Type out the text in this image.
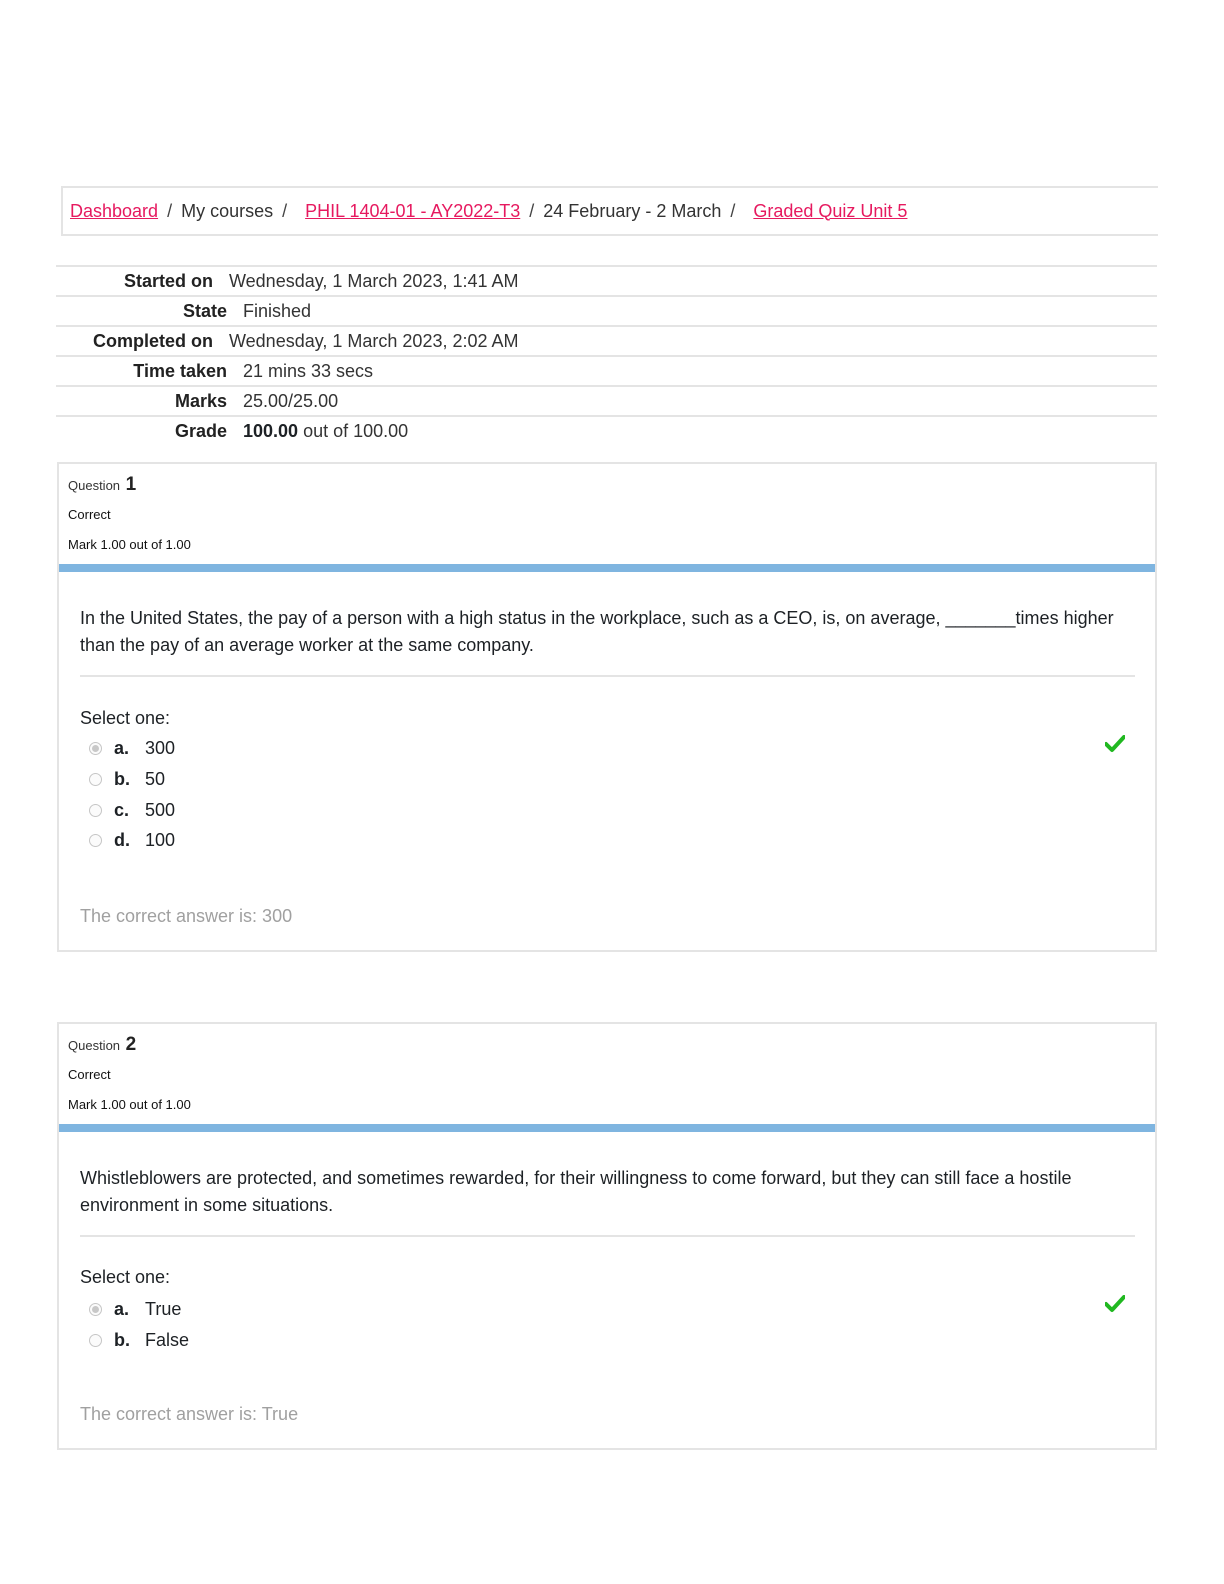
Dashboard / My courses / PHIL 1404-01 - AY2022-T3 / 24 February - 2 March / Graded Quiz Unit 5
Started on Wednesday, 1 March 2023, 1:41 AM
State Finished
Completed on Wednesday, 1 March 2023, 2:02 AM
Time taken 21 mins 33 secs
Marks 25.00/25.00
Grade 100.00 out of 100.00
Question 1
Correct
Mark 1.00 out of 1.00
In the United States, the pay of a person with a high status in the workplace, such as a CEO, is, on average, _______times higher than the pay of an average worker at the same company.
Select one:
a. 300
b. 50
c. 500
d. 100
The correct answer is: 300
Question 2
Correct
Mark 1.00 out of 1.00
Whistleblowers are protected, and sometimes rewarded, for their willingness to come forward, but they can still face a hostile environment in some situations.
Select one:
a. True
b. False
The correct answer is: True
